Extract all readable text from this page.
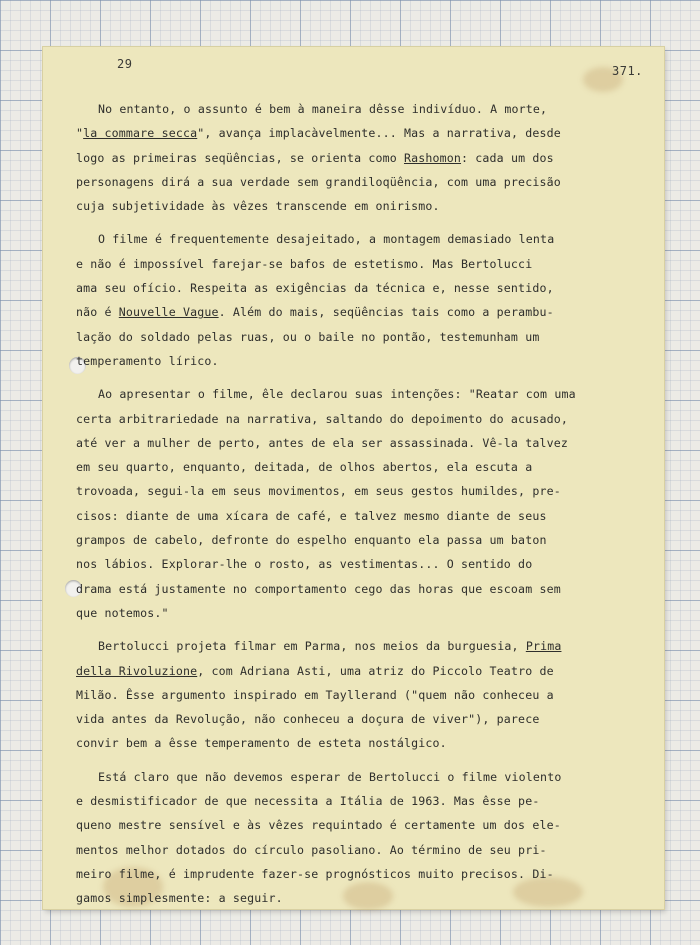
29	371.

No entanto, o assunto é bem à maneira dêsse indivíduo. A morte,
"la commare secca", avança implacàvelmente... Mas a narrativa, desde
logo as primeiras seqüências, se orienta como Rashomon: cada um dos
personagens dirá a sua verdade sem grandiloqüência, com uma precisão
cuja subjetividade às vêzes transcende em onirismo.

O filme é frequentemente desajeitado, a montagem demasiado lenta
e não é impossível farejar-se bafos de estetismo. Mas Bertolucci
ama seu ofício. Respeita as exigências da técnica e, nesse sentido,
não é Nouvelle Vague. Além do mais, seqüências tais como a perambu-
lação do soldado pelas ruas, ou o baile no pontão, testemunham um
temperamento lírico.

Ao apresentar o filme, êle declarou suas intenções: "Reatar com uma
certa arbitrariedade na narrativa, saltando do depoimento do acusado,
até ver a mulher de perto, antes de ela ser assassinada. Vê-la talvez
em seu quarto, enquanto, deitada, de olhos abertos, ela escuta a
trovoada, segui-la em seus movimentos, em seus gestos humildes, pre-
cisos: diante de uma xícara de café, e talvez mesmo diante de seus
grampos de cabelo, defronte do espelho enquanto ela passa um baton
nos lábios. Explorar-lhe o rosto, as vestimentas... O sentido do
drama está justamente no comportamento cego das horas que escoam sem
que notemos."

Bertolucci projeta filmar em Parma, nos meios da burguesia, Prima
della Rivoluzione, com Adriana Asti, uma atriz do Piccolo Teatro de
Milão. Êsse argumento inspirado em Tayllerand ("quem não conheceu a
vida antes da Revolução, não conheceu a doçura de viver"), parece
convir bem a êsse temperamento de esteta nostálgico.

Está claro que não devemos esperar de Bertolucci o filme violento
e desmistificador de que necessita a Itália de 1963. Mas êsse pe-
queno mestre sensível e às vêzes requintado é certamente um dos ele-
mentos melhor dotados do círculo pasoliano. Ao término de seu pri-
meiro filme, é imprudente fazer-se prognósticos muito precisos. Di-
gamos simplesmente: a seguir.
